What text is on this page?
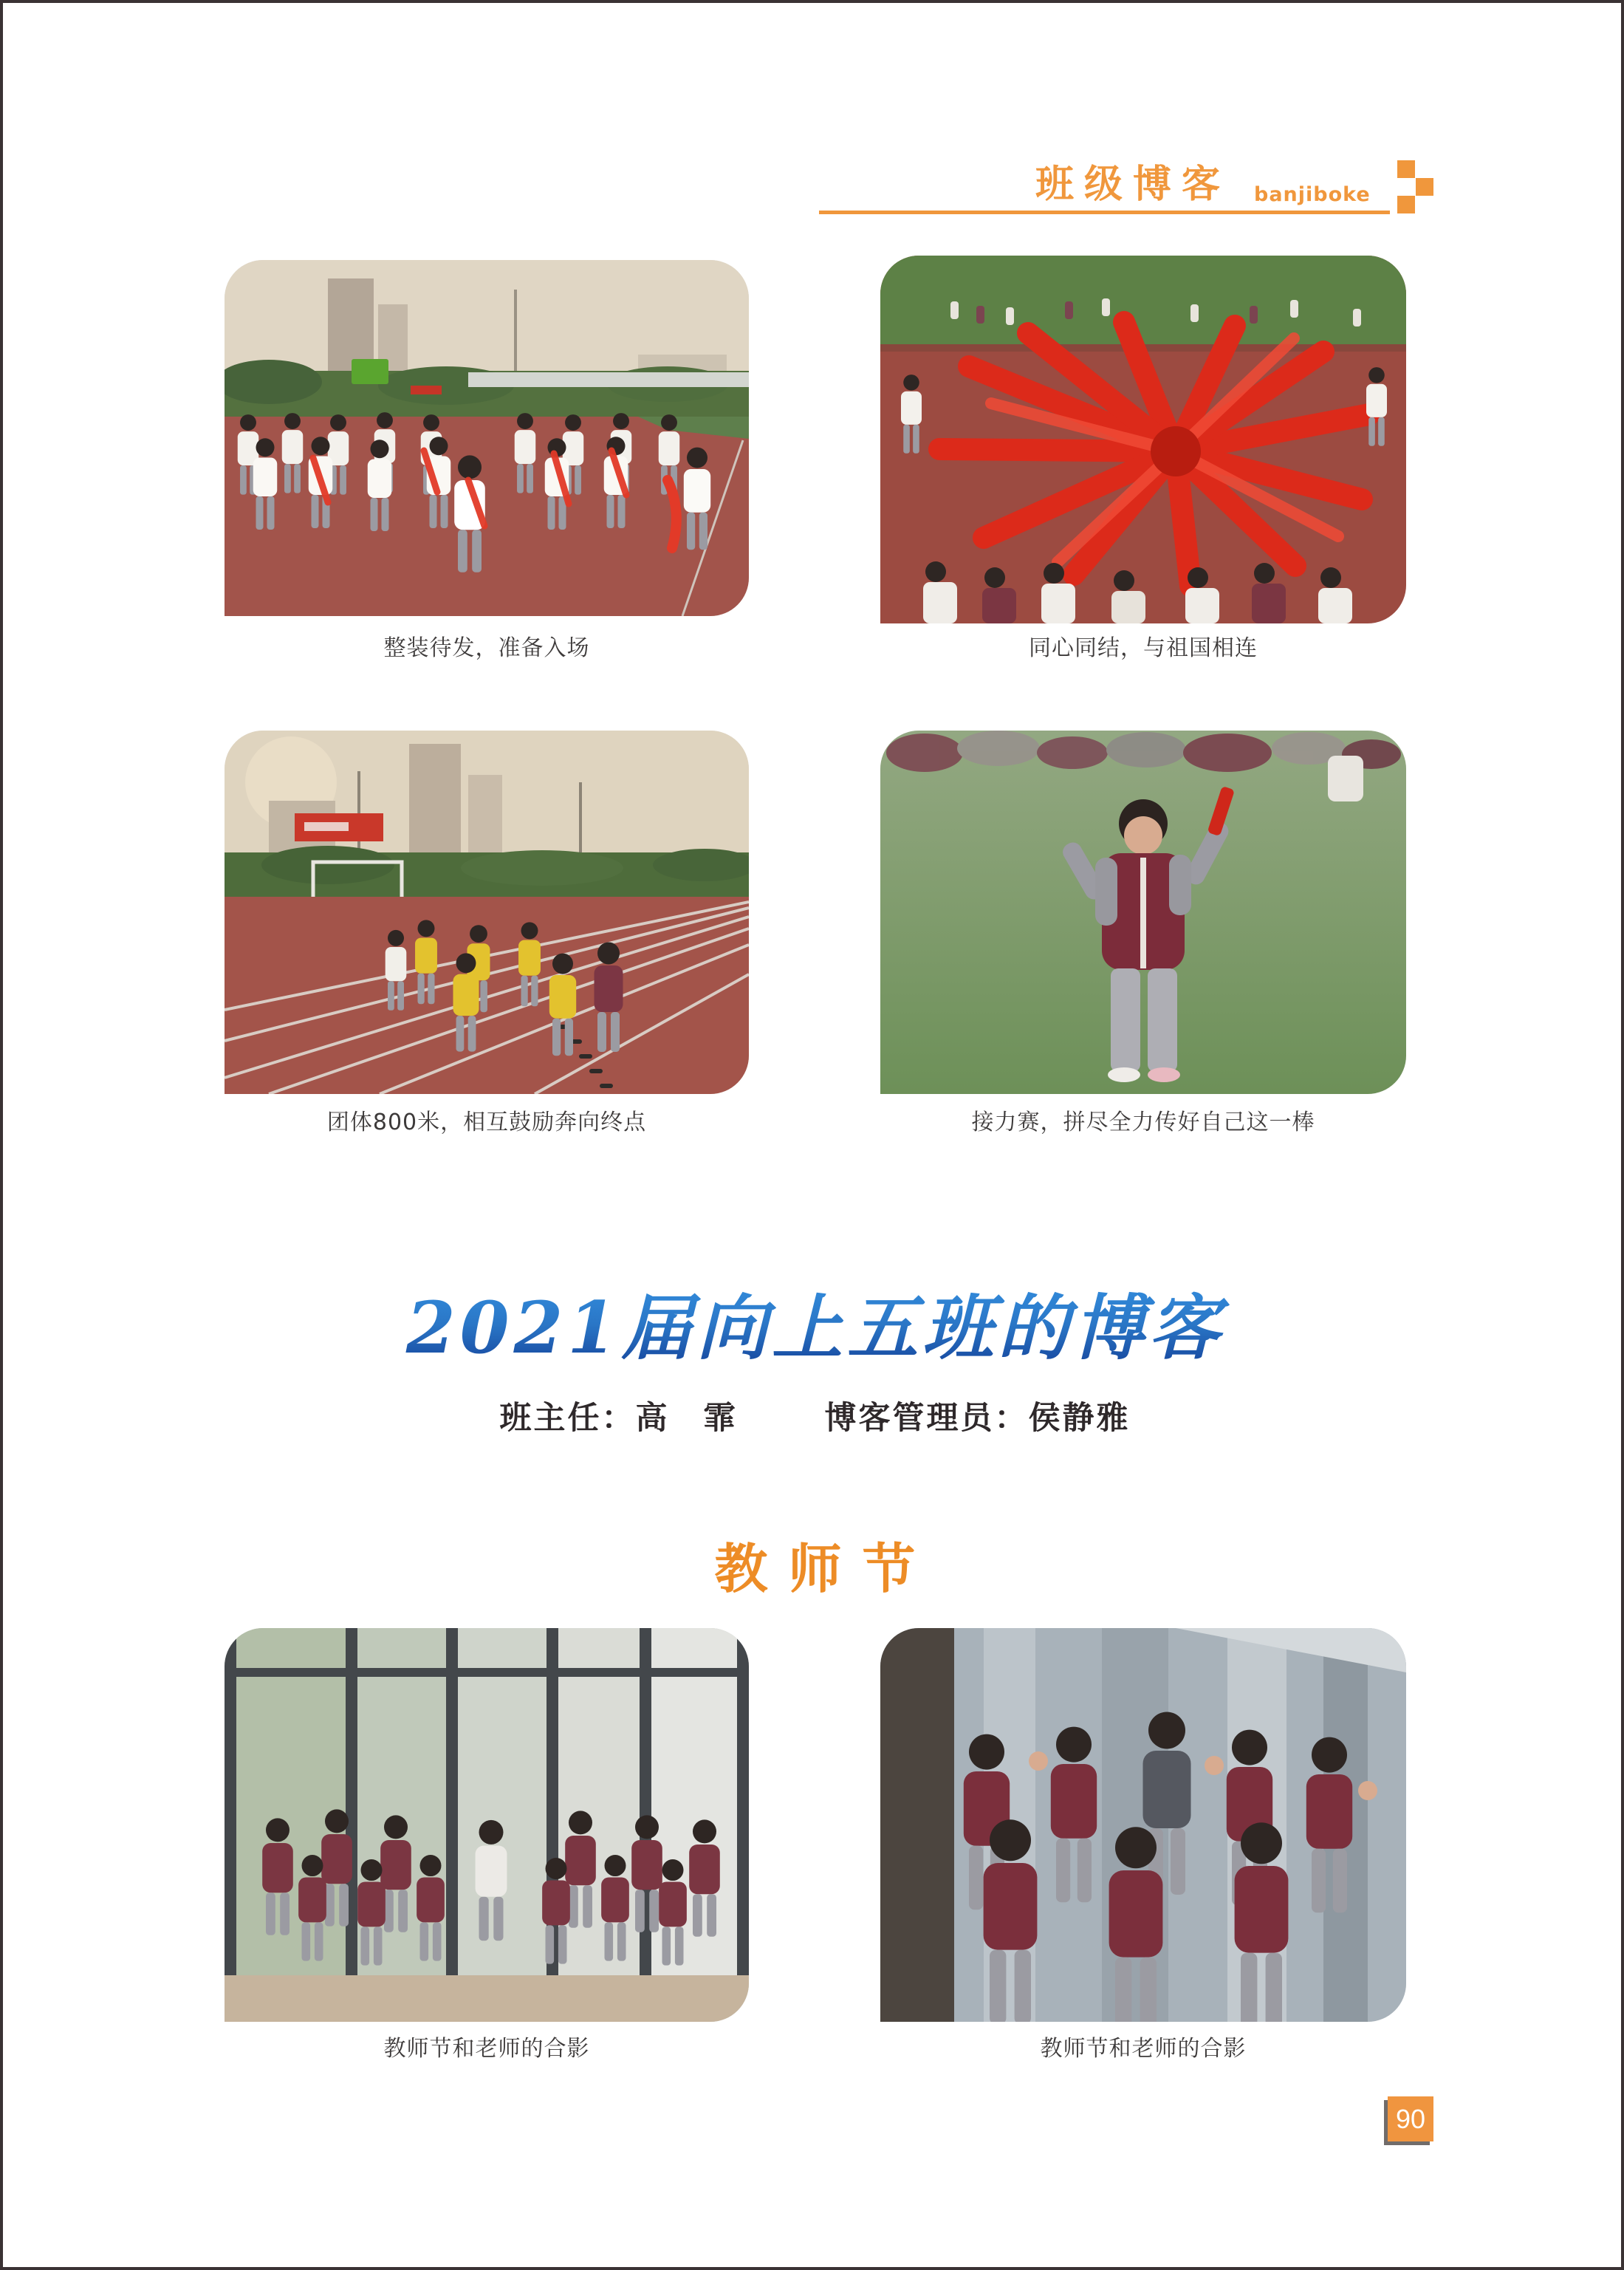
班级博客 banjiboke
整装待发，准备入场	同心同结，与祖国相连
团体800米，相互鼓励奔向终点	接力赛，拼尽全力传好自己这一棒
教师节和老师的合影	教师节和老师的合影
2021届向上五班的博客
班主任：高　霏	博客管理员：侯静雅
教师节
90
